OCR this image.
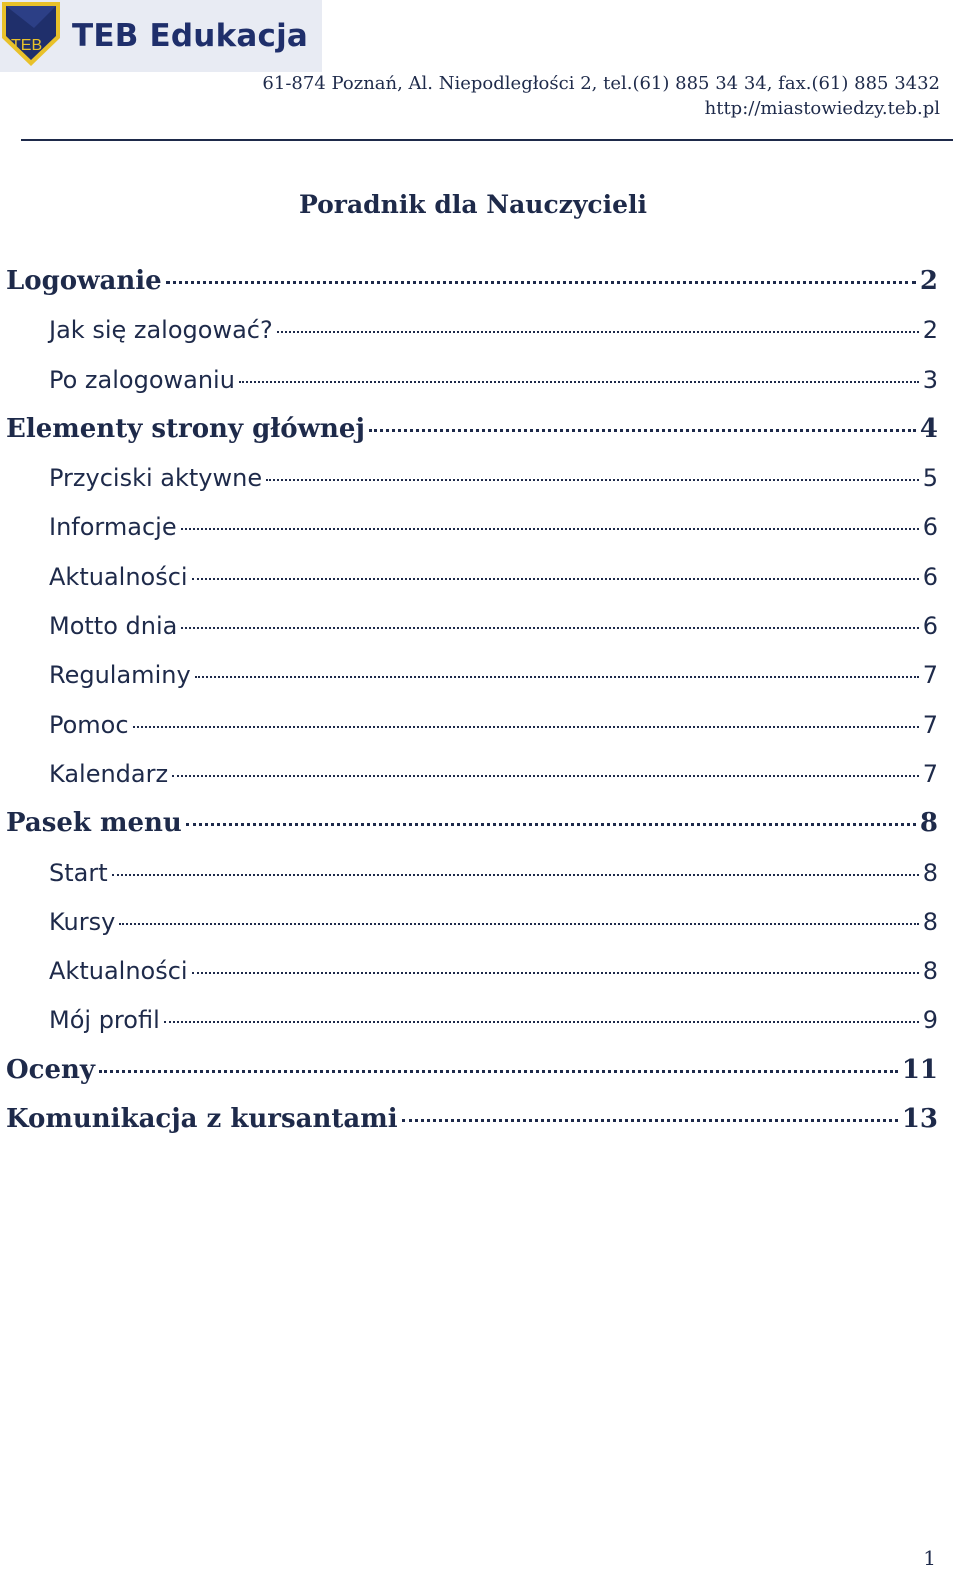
TEB TEB Edukacja
61-874 Poznań, Al. Niepodległości 2, tel.(61) 885 34 34, fax.(61) 885 3432
http://miastowiedzy.teb.pl
Poradnik dla Nauczycieli
Logowanie	2
Jak się zalogować?	2
Po zalogowaniu	3
Elementy strony głównej	4
Przyciski aktywne	5
Informacje	6
Aktualności	6
Motto dnia	6
Regulaminy	7
Pomoc	7
Kalendarz	7
Pasek menu	8
Start	8
Kursy	8
Aktualności	8
Mój profil	9
Oceny	11
Komunikacja z kursantami	13
1
